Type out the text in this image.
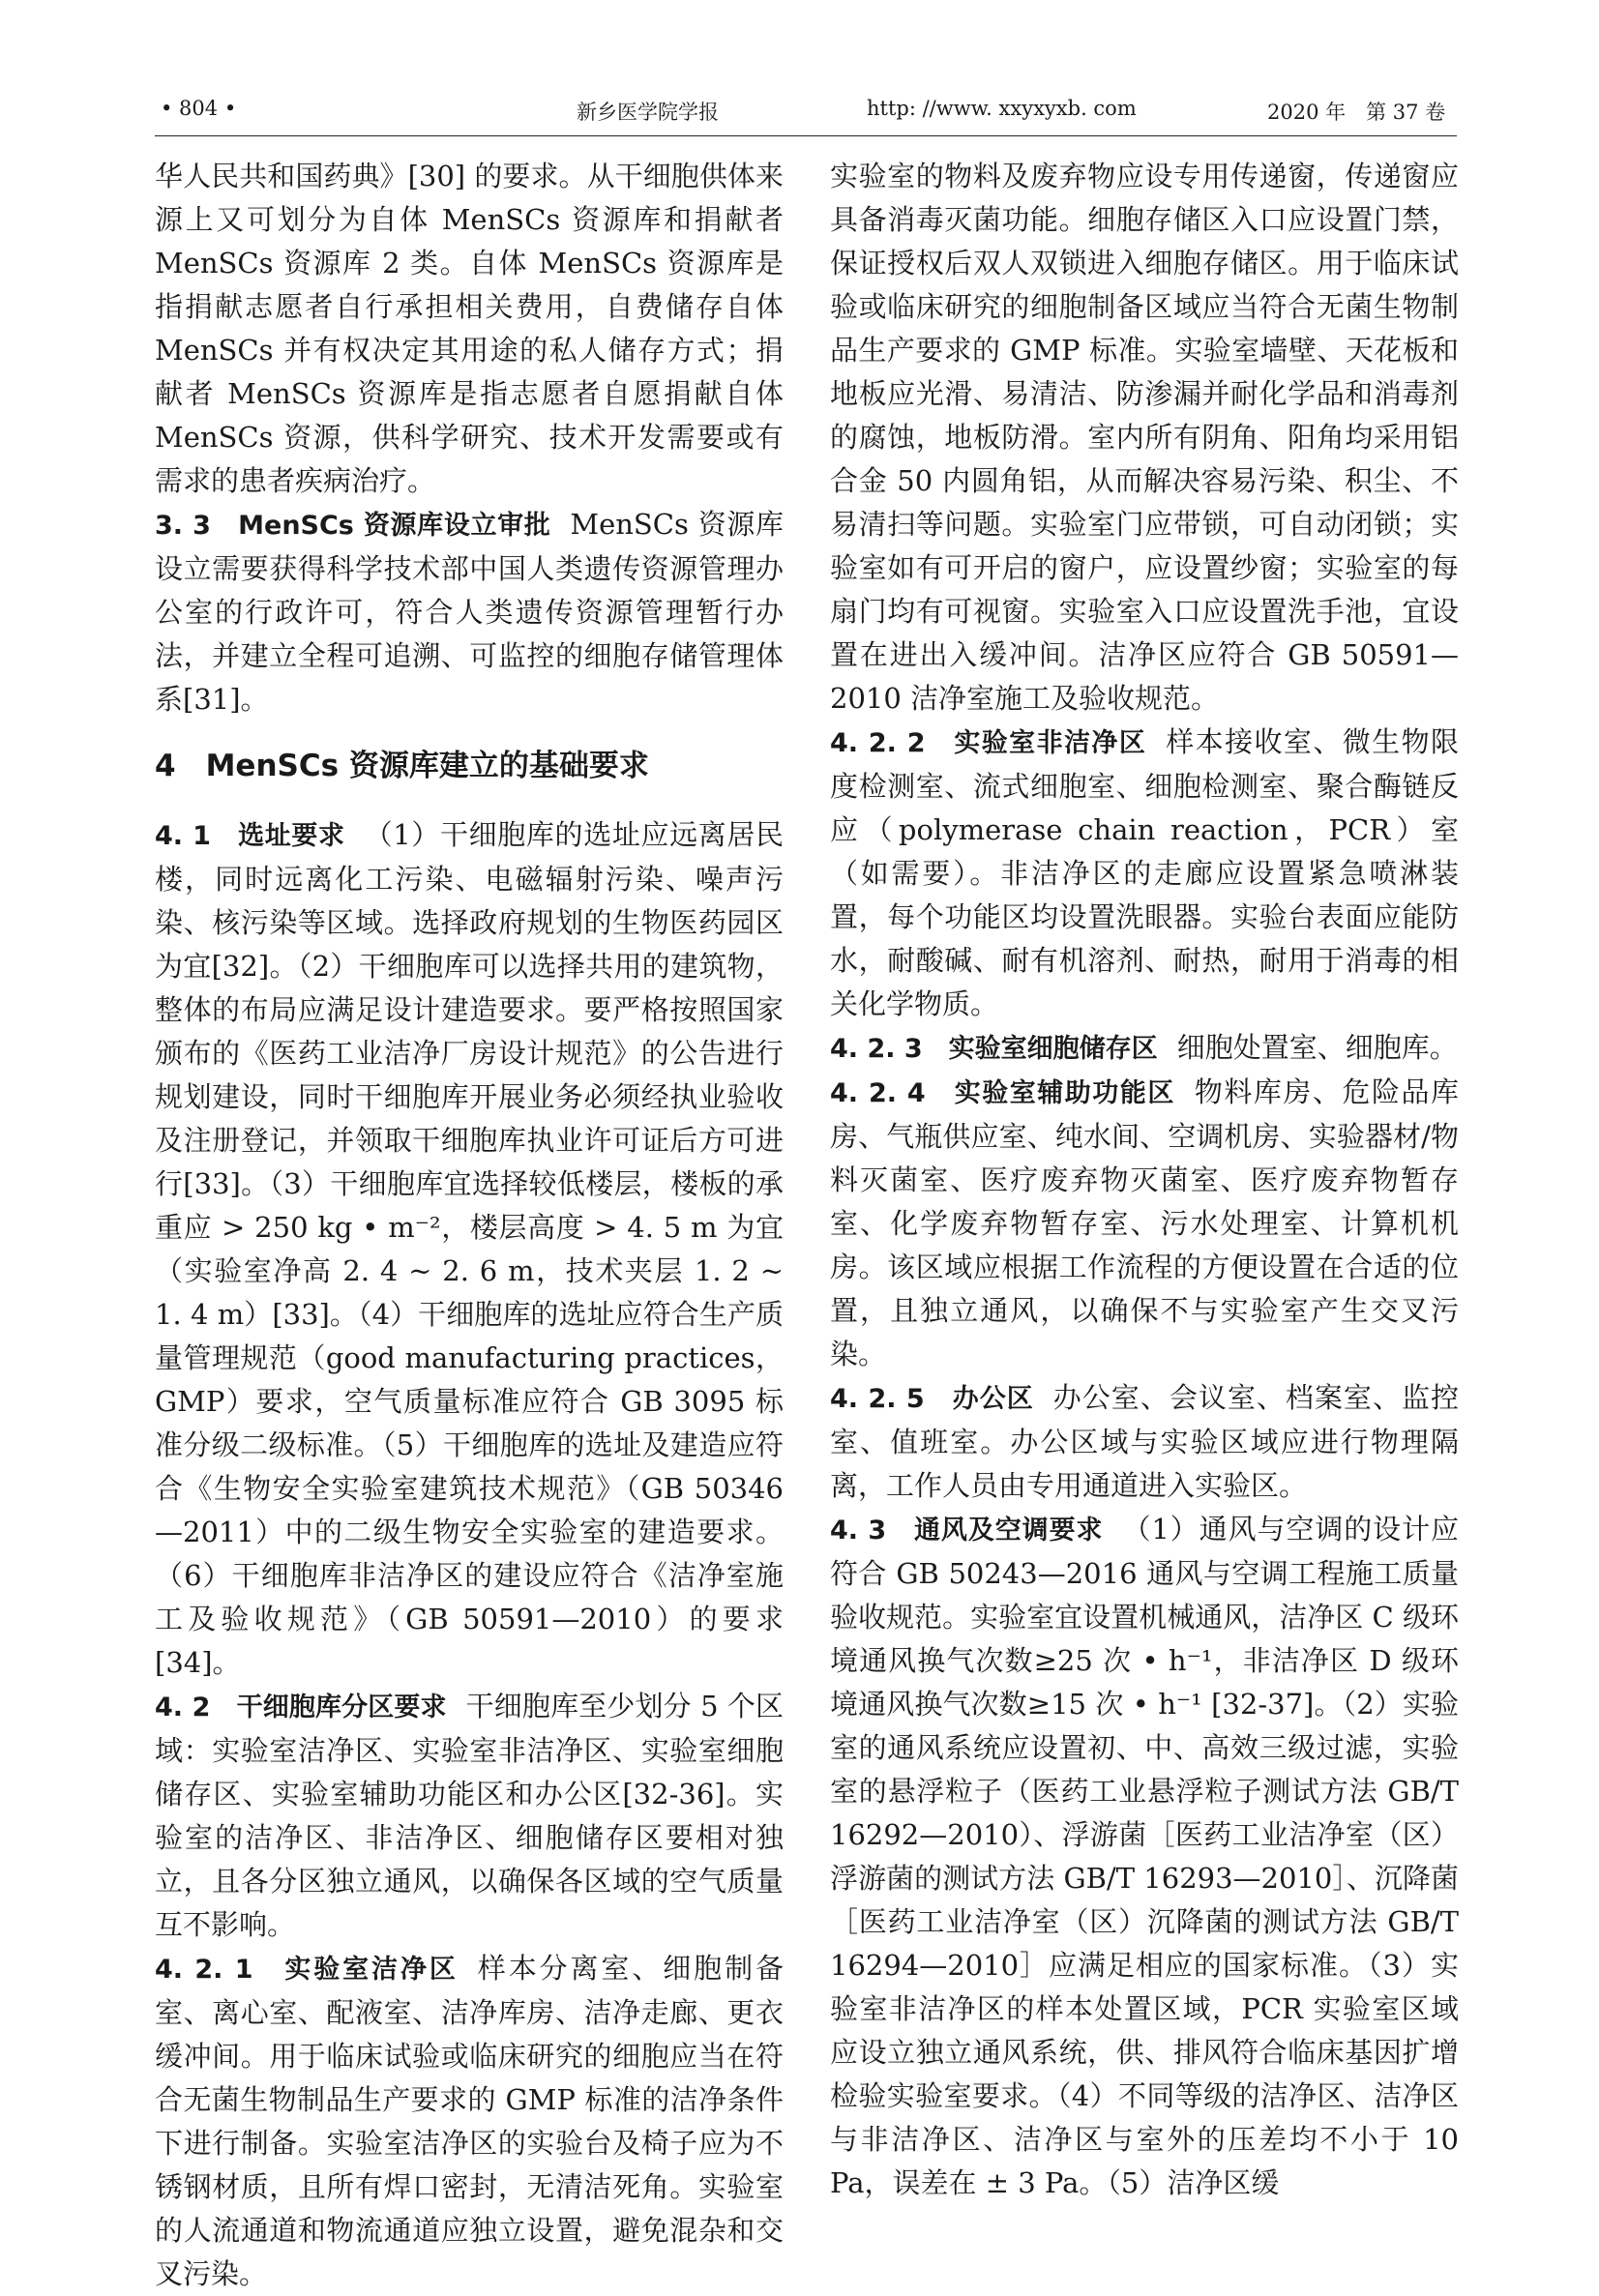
• 804 •	新乡医学院学报	http: //www. xxyxyxb. com	2020 年　第 37 卷

华人民共和国药典》[30] 的要求。从干细胞供体来源上又可划分为自体 MenSCs 资源库和捐献者 MenSCs 资源库 2 类。自体 MenSCs 资源库是指捐献志愿者自行承担相关费用，自费储存自体 MenSCs 并有权决定其用途的私人储存方式；捐献者 MenSCs 资源库是指志愿者自愿捐献自体 MenSCs 资源，供科学研究、技术开发需要或有需求的患者疾病治疗。

3. 3　MenSCs 资源库设立审批 MenSCs 资源库设立需要获得科学技术部中国人类遗传资源管理办公室的行政许可，符合人类遗传资源管理暂行办法，并建立全程可追溯、可监控的细胞存储管理体系[31]。

4　MenSCs 资源库建立的基础要求

4. 1　选址要求 （1）干细胞库的选址应远离居民楼，同时远离化工污染、电磁辐射污染、噪声污染、核污染等区域。选择政府规划的生物医药园区为宜[32]。（2）干细胞库可以选择共用的建筑物，整体的布局应满足设计建造要求。要严格按照国家颁布的《医药工业洁净厂房设计规范》的公告进行规划建设，同时干细胞库开展业务必须经执业验收及注册登记，并领取干细胞库执业许可证后方可进行[33]。（3）干细胞库宜选择较低楼层，楼板的承重应 > 250 kg • m⁻²，楼层高度 > 4. 5 m 为宜（实验室净高 2. 4 ~ 2. 6 m，技术夹层 1. 2 ~ 1. 4 m）[33]。（4）干细胞库的选址应符合生产质量管理规范（good manufacturing practices，GMP）要求，空气质量标准应符合 GB 3095 标准分级二级标准。（5）干细胞库的选址及建造应符合《生物安全实验室建筑技术规范》（GB 50346—2011）中的二级生物安全实验室的建造要求。（6）干细胞库非洁净区的建设应符合《洁净室施工及验收规范》（GB 50591—2010）的要求[34]。

4. 2　干细胞库分区要求 干细胞库至少划分 5 个区域：实验室洁净区、实验室非洁净区、实验室细胞储存区、实验室辅助功能区和办公区[32-36]。实验室的洁净区、非洁净区、细胞储存区要相对独立，且各分区独立通风，以确保各区域的空气质量互不影响。

4. 2. 1　实验室洁净区 样本分离室、细胞制备室、离心室、配液室、洁净库房、洁净走廊、更衣缓冲间。用于临床试验或临床研究的细胞应当在符合无菌生物制品生产要求的 GMP 标准的洁净条件下进行制备。实验室洁净区的实验台及椅子应为不锈钢材质，且所有焊口密封，无清洁死角。实验室的人流通道和物流通道应独立设置，避免混杂和交叉污染。

实验室的物料及废弃物应设专用传递窗，传递窗应具备消毒灭菌功能。细胞存储区入口应设置门禁，保证授权后双人双锁进入细胞存储区。用于临床试验或临床研究的细胞制备区域应当符合无菌生物制品生产要求的 GMP 标准。实验室墙壁、天花板和地板应光滑、易清洁、防渗漏并耐化学品和消毒剂的腐蚀，地板防滑。室内所有阴角、阳角均采用铝合金 50 内圆角铝，从而解决容易污染、积尘、不易清扫等问题。实验室门应带锁，可自动闭锁；实验室如有可开启的窗户，应设置纱窗；实验室的每扇门均有可视窗。实验室入口应设置洗手池，宜设置在进出入缓冲间。洁净区应符合 GB 50591—2010 洁净室施工及验收规范。

4. 2. 2　实验室非洁净区 样本接收室、微生物限度检测室、流式细胞室、细胞检测室、聚合酶链反应（polymerase chain reaction，PCR）室（如需要）。非洁净区的走廊应设置紧急喷淋装置，每个功能区均设置洗眼器。实验台表面应能防水，耐酸碱、耐有机溶剂、耐热，耐用于消毒的相关化学物质。

4. 2. 3　实验室细胞储存区 细胞处置室、细胞库。

4. 2. 4　实验室辅助功能区 物料库房、危险品库房、气瓶供应室、纯水间、空调机房、实验器材/物料灭菌室、医疗废弃物灭菌室、医疗废弃物暂存室、化学废弃物暂存室、污水处理室、计算机机房。该区域应根据工作流程的方便设置在合适的位置，且独立通风，以确保不与实验室产生交叉污染。

4. 2. 5　办公区 办公室、会议室、档案室、监控室、值班室。办公区域与实验区域应进行物理隔离，工作人员由专用通道进入实验区。

4. 3　通风及空调要求 （1）通风与空调的设计应符合 GB 50243—2016 通风与空调工程施工质量验收规范。实验室宜设置机械通风，洁净区 C 级环境通风换气次数≥25 次 • h⁻¹，非洁净区 D 级环境通风换气次数≥15 次 • h⁻¹ [32-37]。（2）实验室的通风系统应设置初、中、高效三级过滤，实验室的悬浮粒子（医药工业悬浮粒子测试方法 GB/T 16292—2010）、浮游菌［医药工业洁净室（区）浮游菌的测试方法 GB/T 16293—2010］、沉降菌［医药工业洁净室（区）沉降菌的测试方法 GB/T 16294—2010］应满足相应的国家标准。（3）实验室非洁净区的样本处置区域，PCR 实验室区域应设立独立通风系统，供、排风符合临床基因扩增检验实验室要求。（4）不同等级的洁净区、洁净区与非洁净区、洁净区与室外的压差均不小于 10 Pa，误差在 ± 3 Pa。（5）洁净区缓
